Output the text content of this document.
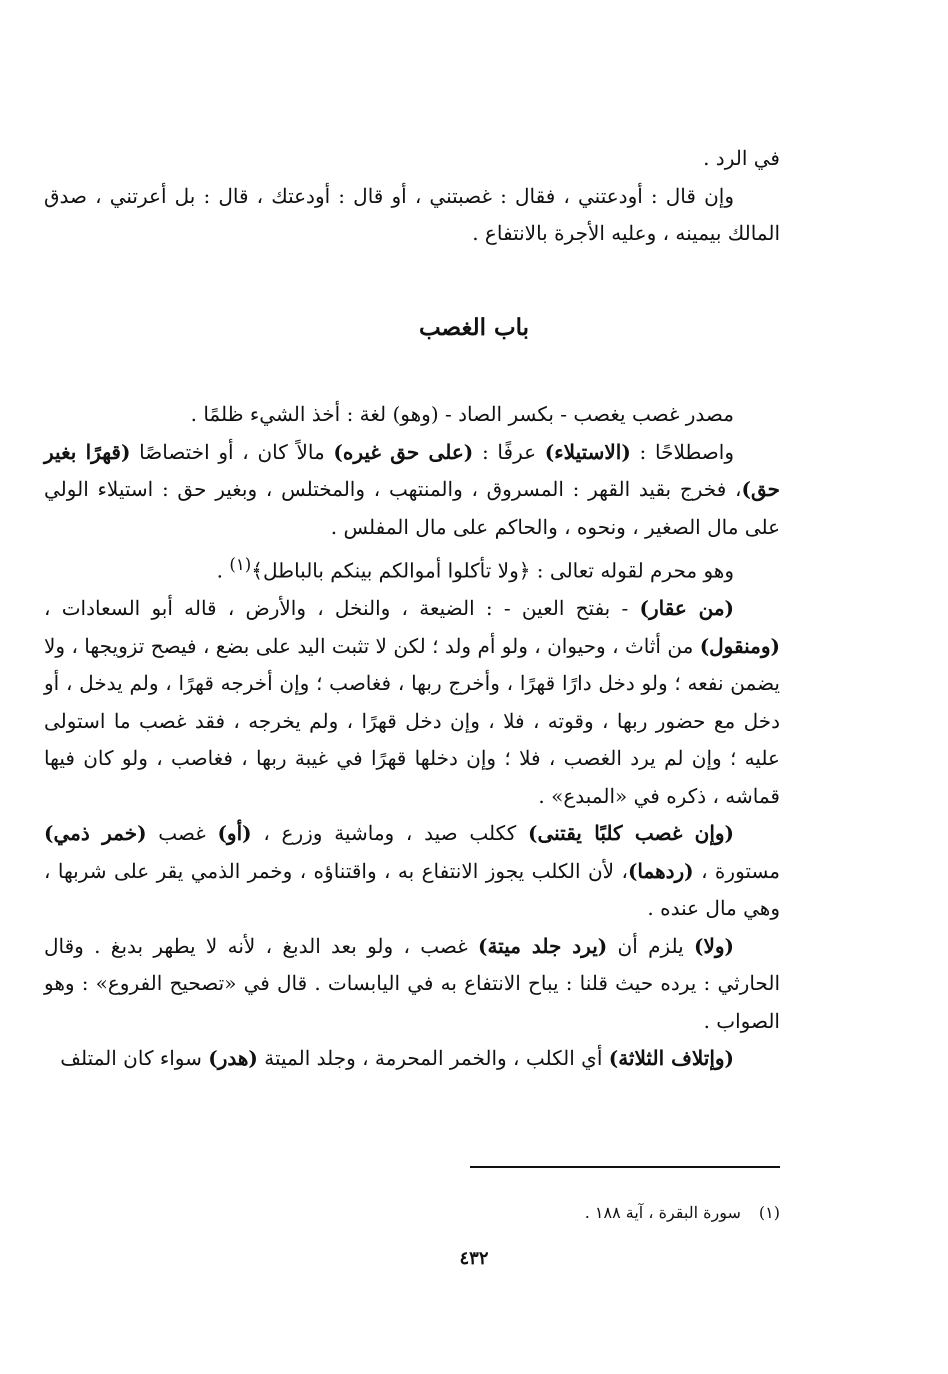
في الرد .

وإن قال : أودعتني ، فقال : غصبتني ، أو قال : أودعتك ، قال : بل أعرتني ، صدق المالك بيمينه ، وعليه الأجرة بالانتفاع .

باب الغصب

مصدر غصب يغصب - بكسر الصاد - (وهو) لغة : أخذ الشيء ظلمًا .

واصطلاحًا : (الاستيلاء) عرفًا : (على حق غيره) مالاً كان ، أو اختصاصًا (قهرًا بغير حق)، فخرج بقيد القهر : المسروق ، والمنتهب ، والمختلس ، وبغير حق : استيلاء الولي على مال الصغير ، ونحوه ، والحاكم على مال المفلس .

وهو محرم لقوله تعالى : ﴿ولا تأكلوا أموالكم بينكم بالباطل﴾$^{(١)}$ .

(من عقار) - بفتح العين - : الضيعة ، والنخل ، والأرض ، قاله أبو السعادات ، (ومنقول) من أثاث ، وحيوان ، ولو أم ولد ؛ لكن لا تثبت اليد على بضع ، فيصح تزويجها ، ولا يضمن نفعه ؛ ولو دخل دارًا قهرًا ، وأخرج ربها ، فغاصب ؛ وإن أخرجه قهرًا ، ولم يدخل ، أو دخل مع حضور ربها ، وقوته ، فلا ، وإن دخل قهرًا ، ولم يخرجه ، فقد غصب ما استولى عليه ؛ وإن لم يرد الغصب ، فلا ؛ وإن دخلها قهرًا في غيبة ربها ، فغاصب ، ولو كان فيها قماشه ، ذكره في «المبدع» .

(وإن غصب كلبًا يقتنى) ككلب صيد ، وماشية وزرع ، (أو) غصب (خمر ذمي) مستورة ، (ردهما)، لأن الكلب يجوز الانتفاع به ، واقتناؤه ، وخمر الذمي يقر على شربها ، وهي مال عنده .

(ولا) يلزم أن (يرد جلد ميتة) غصب ، ولو بعد الدبغ ، لأنه لا يطهر بدبغ . وقال الحارثي : يرده حيث قلنا : يباح الانتفاع به في اليابسات . قال في «تصحيح الفروع» : وهو الصواب .

(وإتلاف الثلاثة) أي الكلب ، والخمر المحرمة ، وجلد الميتة (هدر) سواء كان المتلف

(١)سورة البقرة ، آية ١٨٨ .
٤٣٢
